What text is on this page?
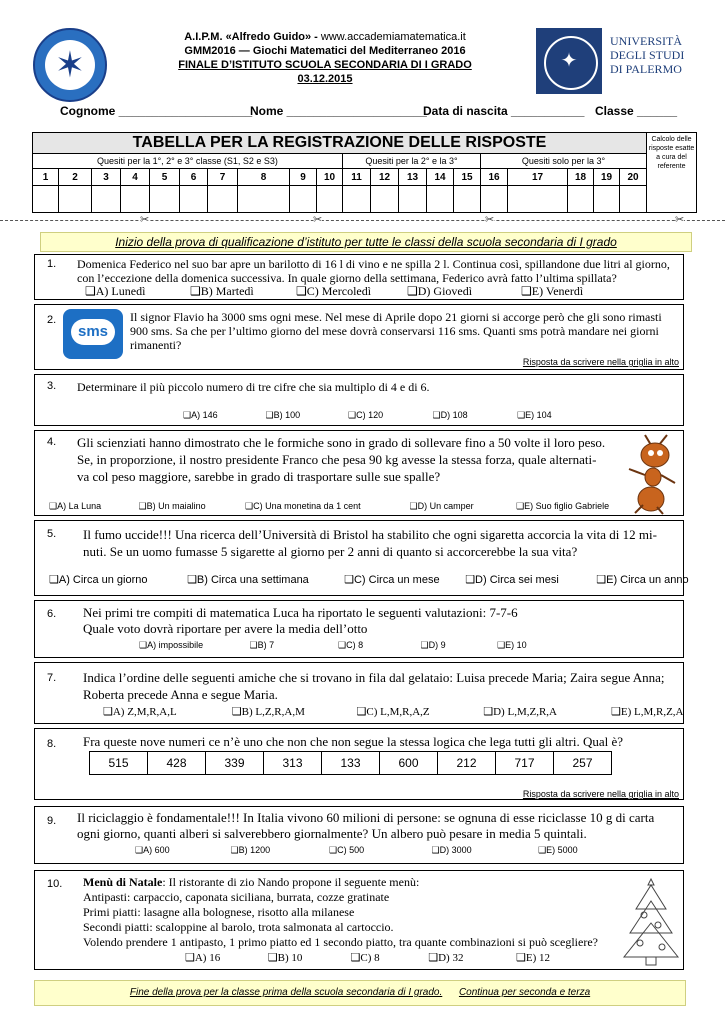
✶
A.I.P.M. «Alfredo Guido» - www.accademiamatematica.it
GMM2016 — Giochi Matematici del Mediterraneo 2016
FINALE D’ISTITUTO SCUOLA SECONDARIA DI I GRADO
03.12.2015
✦
UNIVERSITÀ
DEGLI STUDI
DI PALERMO
Cognome ____________________
Nome _____________________
Data di nascita ___________ Classe ______
TABELLA PER LA REGISTRAZIONE DELLE RISPOSTE																				Calcolo delle risposte esatte a cura del referente
Quesiti per la 1°, 2° e 3° classe (S1, S2 e S3)										Quesiti per la 2° e la 3°					Quesiti solo per la 3°					
1	2	3	4	5	6	7	8	9	10	11	12	13	14	15	16	17	18	19	20	

✂	✂	✂	✂
Inizio della prova di qualificazione d’istituto per tutte le classi della scuola secondaria di I grado
1. Domenica Federico nel suo bar apre un barilotto di 16 l di vino e ne spilla 2 l. Continua così, spillandone due litri al giorno,
con l’eccezione della domenica successiva. In quale giorno della settimana, Federico avrà fatto l’ultima spillata?
❑A) Lunedì	❑B) Martedì	❑C) Mercoledì	❑D) Giovedì	❑E) Venerdì
2.
sms
Il signor Flavio ha 3000 sms ogni mese. Nel mese di Aprile dopo 21 giorni si accorge però che gli sono rimasti
900 sms. Sa che per l’ultimo giorno del mese dovrà conservarsi 116 sms. Quanti sms potrà mandare nei giorni
rimanenti?
Risposta da scrivere nella griglia in alto
3. Determinare il più piccolo numero di tre cifre che sia multiplo di 4 e di 6.
❑A) 146	❑B) 100	❑C) 120	❑D) 108	❑E) 104
4. Gli scienziati hanno dimostrato che le formiche sono in grado di sollevare fino a 50 volte il loro peso.
Se, in proporzione, il nostro presidente Franco che pesa 90 kg avesse la stessa forza, quale alternati-
va col peso maggiore, sarebbe in grado di trasportare sulle sue spalle?
❑A) La Luna	❑B) Un maialino	❑C) Una monetina da 1 cent	❑D) Un camper	❑E) Suo figlio Gabriele
5. Il fumo uccide!!! Una ricerca dell’Università di Bristol ha stabilito che ogni sigaretta accorcia la vita di 12 mi-
nuti. Se un uomo fumasse 5 sigarette al giorno per 2 anni di quanto si accorcerebbe la sua vita?
❑A) Circa un giorno	❑B) Circa una settimana	❑C) Circa un mese ❑D) Circa sei mesi	❑E) Circa un anno
6. Nei primi tre compiti di matematica Luca ha riportato le seguenti valutazioni: 7-7-6
Quale voto dovrà riportare per avere la media dell’otto
❑A) impossibile	❑B) 7	❑C) 8	❑D) 9	❑E) 10
7. Indica l’ordine delle seguenti amiche che si trovano in fila dal gelataio: Luisa precede Maria; Zaira segue Anna;
Roberta precede Anna e segue Maria.
❑A) Z,M,R,A,L	❑B) L,Z,R,A,M	❑C) L,M,R,A,Z	❑D) L,M,Z,R,A	❑E) L,M,R,Z,A
8. Fra queste nove numeri ce n’è uno che non che non segue la stessa logica che lega tutti gli altri. Qual è?
515	428	339	313	133	600	212	717	257
Risposta da scrivere nella griglia in alto
9. Il riciclaggio è fondamentale!!! In Italia vivono 60 milioni di persone: se ognuna di esse riciclasse 10 g di carta
ogni giorno, quanti alberi si salverebbero giornalmente? Un albero può pesare in media 5 quintali.
❑A) 600	❑B) 1200	❑C) 500	❑D) 3000	❑E) 5000
10. Menù di Natale: Il ristorante di zio Nando propone il seguente menù:
Antipasti: carpaccio, caponata siciliana, burrata, cozze gratinate
Primi piatti: lasagne alla bolognese, risotto alla milanese
Secondi piatti: scaloppine al barolo, trota salmonata al cartoccio.
Volendo prendere 1 antipasto, 1 primo piatto ed 1 secondo piatto, tra quante combinazioni si può scegliere?
❑A) 16	❑B) 10	❑C) 8	❑D) 32	❑E) 12
Fine della prova per la classe prima della scuola secondaria di I grado. Continua per seconda e terza
